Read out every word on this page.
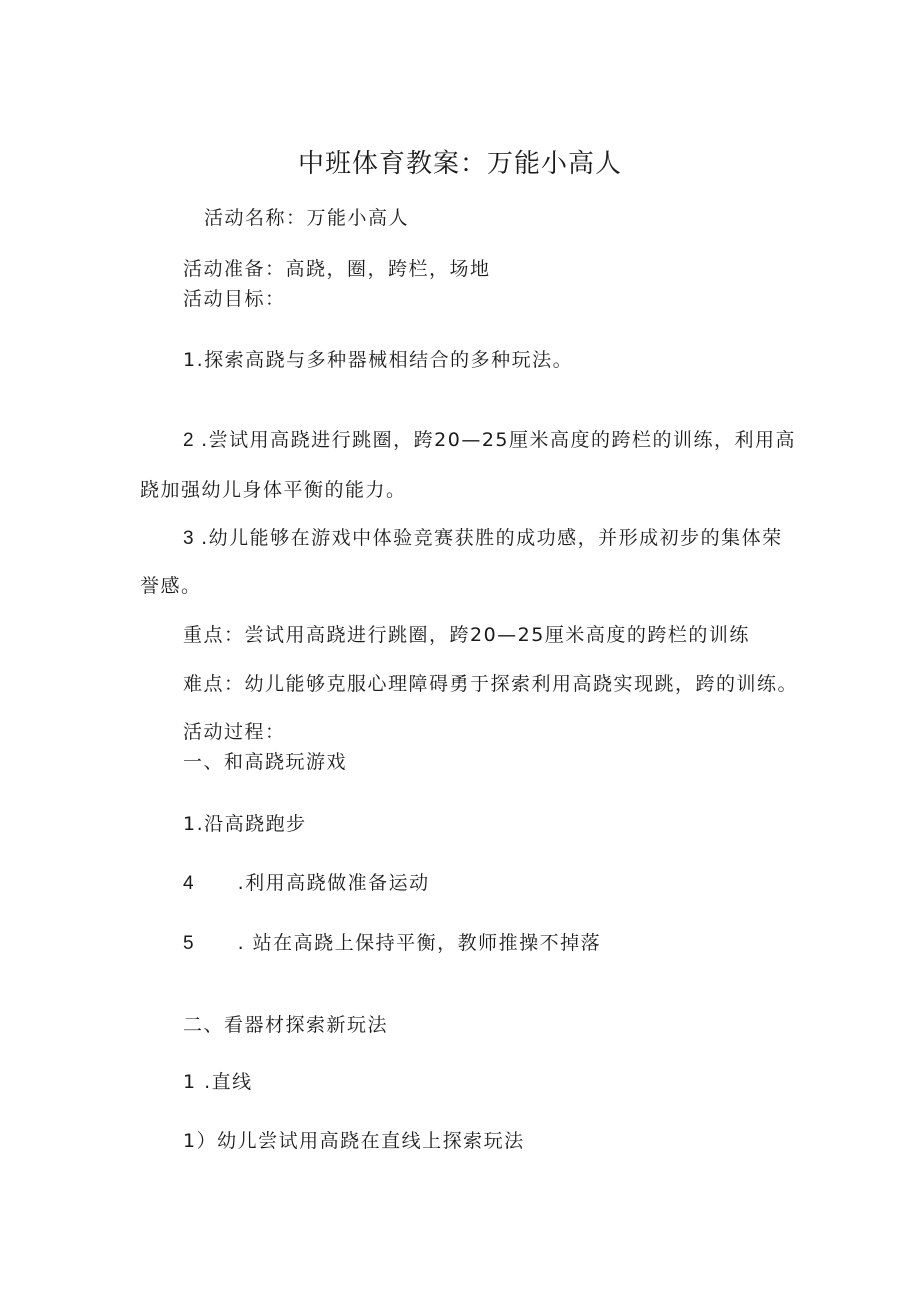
中班体育教案：万能小高人
活动名称：万能小高人
活动准备：高跷，圈，跨栏，场地
活动目标：
1.探索高跷与多种器械相结合的多种玩法。
2 .尝试用高跷进行跳圈，跨20—25厘米高度的跨栏的训练，利用高
跷加强幼儿身体平衡的能力。
3 .幼儿能够在游戏中体验竞赛获胜的成功感，并形成初步的集体荣
誉感。
重点：尝试用高跷进行跳圈，跨20—25厘米高度的跨栏的训练
难点：幼儿能够克服心理障碍勇于探索利用高跷实现跳，跨的训练。
活动过程：
一、和高跷玩游戏
1.沿高跷跑步
4 .利用高跷做准备运动
5 . 站在高跷上保持平衡，教师推操不掉落
二、看器材探索新玩法
1 .直线
1）幼儿尝试用高跷在直线上探索玩法
